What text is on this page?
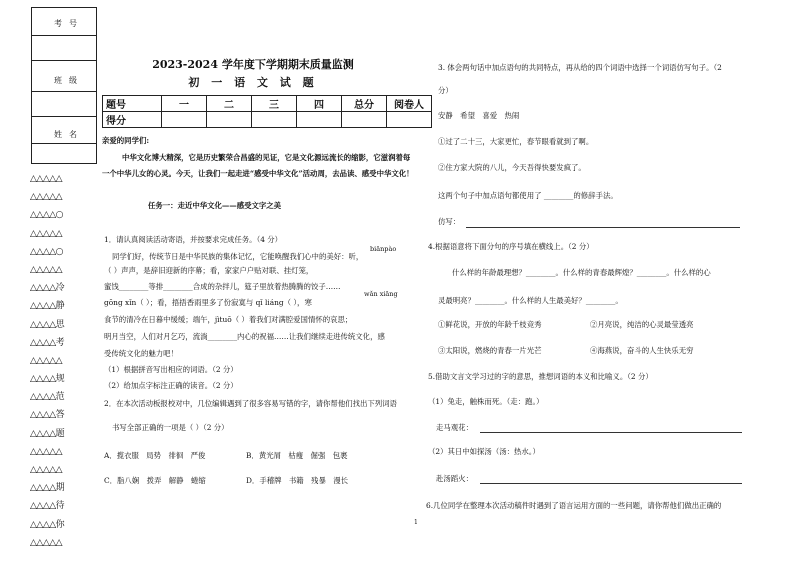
考号
班级
姓名
△△△△△
△△△△△
△△△△○
△△△△△
△△△△○
△△△△△
△△△△冷
△△△△静
△△△△思
△△△△考
△△△△△
△△△△规
△△△△范
△△△△答
△△△△题
△△△△△
△△△△△
△△△△期
△△△△待
△△△△你
△△△△△
2023-2024 学年度下学期期末质量监测
初 一 语 文 试 题
题号	一	二	三	四	总分	阅卷人
得分						
亲爱的同学们:
中华文化博大精深，它是历史繁荣合昌盛的见证，它是文化源远流长的缩影，它滋润着每一个中华儿女的心灵。今天，让我们一起走进“感受中华文化”活动周，去品读、感受中华文化！
任务一：走近中华文化——感受文字之美
1．请认真阅读活动寄语，并按要求完成任务。（4 分）
biānpào
同学们好，传统节日是中华民族的集体记忆，它能唤醒我们心中的美好：听，
（ ）声声，是辞旧迎新的序幕；看，家家户户贴对联、挂灯笼，
蜜饯________等排________合成的杂拌儿，筵子里放着热腾腾的饺子……
wǎn xiāng
gōng xǐn（ ）；看，捂捂香雨里多了份寂寞与 qǐ liáng（ ），寒
食节的清冷在日暮中缓缓；端午，jìtuō（ ）着我们对满腔爱国情怀的哀思；
明月当空，人们对月乞巧，流淌________内心的祝福……让我们继续走进传统文化，感
受传统文化的魅力吧！
（1）根据拼音写出相应的词语。（2 分）
（2）给加点字标注正确的读音。（2 分）
2．在本次活动板报校对中，几位编辑遇到了很多容易写错的字，请你帮他们找出下列词语
书写全部正确的一项是（ ）（2 分）
A．揽衣服　局势　徘徊　严俊	B．黄光屑　枯瘦　倔强　包裹
C．脂八娴　拨弄　解静　蜷缩	D．手稽牌　书籍　残暴　漫长
3. 体会两句话中加点语句的共同特点，再从给的四个词语中选择一个词语仿写句子。（2
分）
安静　希望　喜爱　热闹
①过了二十三，大家更忙，春节眼看就到了啊。
②住方家大院的八儿，今天吾得快要发疯了。
这两个句子中加点语句都使用了 ________的修辞手法。
仿写：
4.根据语意将下面分句的序号填在横线上。（2 分）
什么样的年龄最理想？________。什么样的青春最辉煌？________。什么样的心
灵最明亮？________。什么样的人生最美好？________。
①鲜花说，开放的年龄千枝竞秀	②月亮说，纯洁的心灵最莹透亮
③太阳说，燃烧的青春一片光芒	④海燕说，奋斗的人生快乐无穷
5.借助文言文学习过的字的意思，推想词语的本义和比喻义。（2 分）
（1）兔走，触株而死。（走：跑。）
走马观花：
（2）其日中如探汤（汤：热水。）
赴汤蹈火：
6.几位同学在整理本次活动稿件时遇到了语言运用方面的一些问题，请你帮他们做出正确的
1
